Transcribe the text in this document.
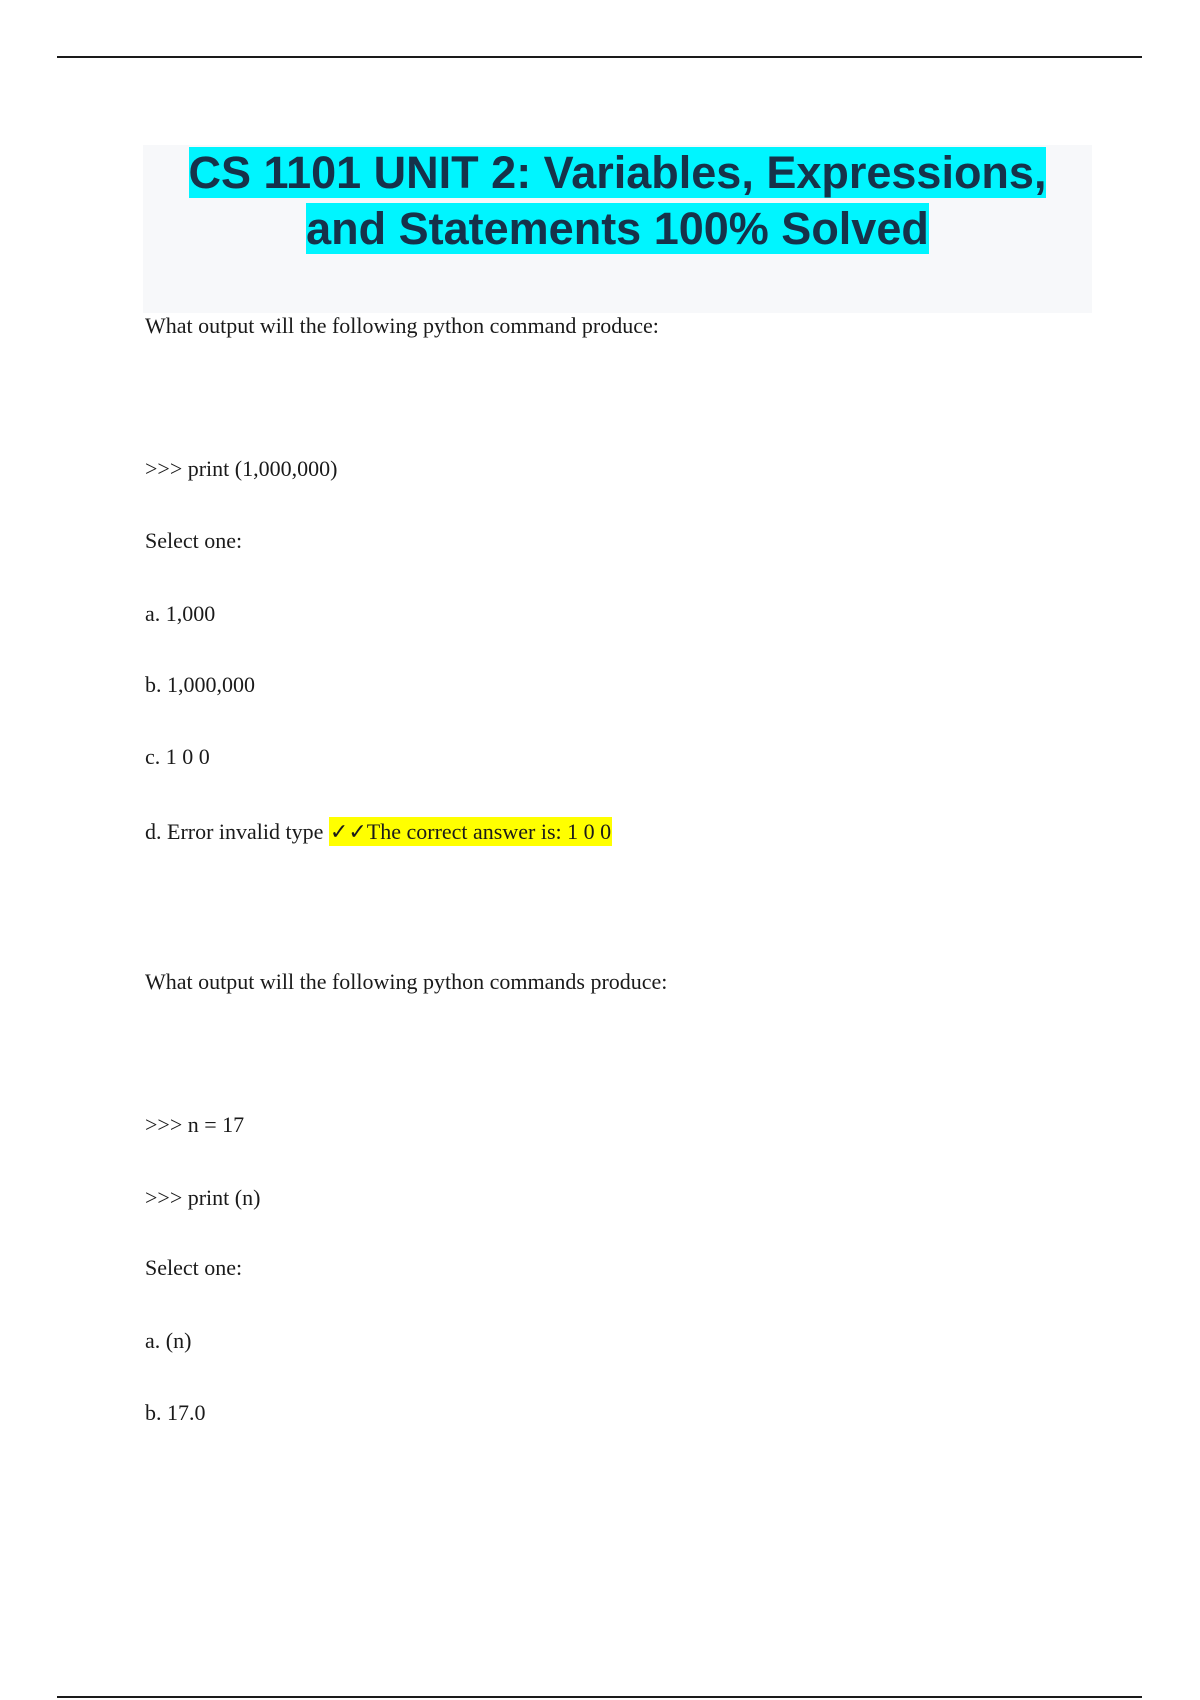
CS 1101 UNIT 2: Variables, Expressions,
and Statements 100% Solved

What output will the following python command produce:

>>> print (1,000,000)

Select one:

a. 1,000

b. 1,000,000

c. 1 0 0

d. Error invalid type ✓✓The correct answer is: 1 0 0

What output will the following python commands produce:

>>> n = 17

>>> print (n)

Select one:

a. (n)

b. 17.0
